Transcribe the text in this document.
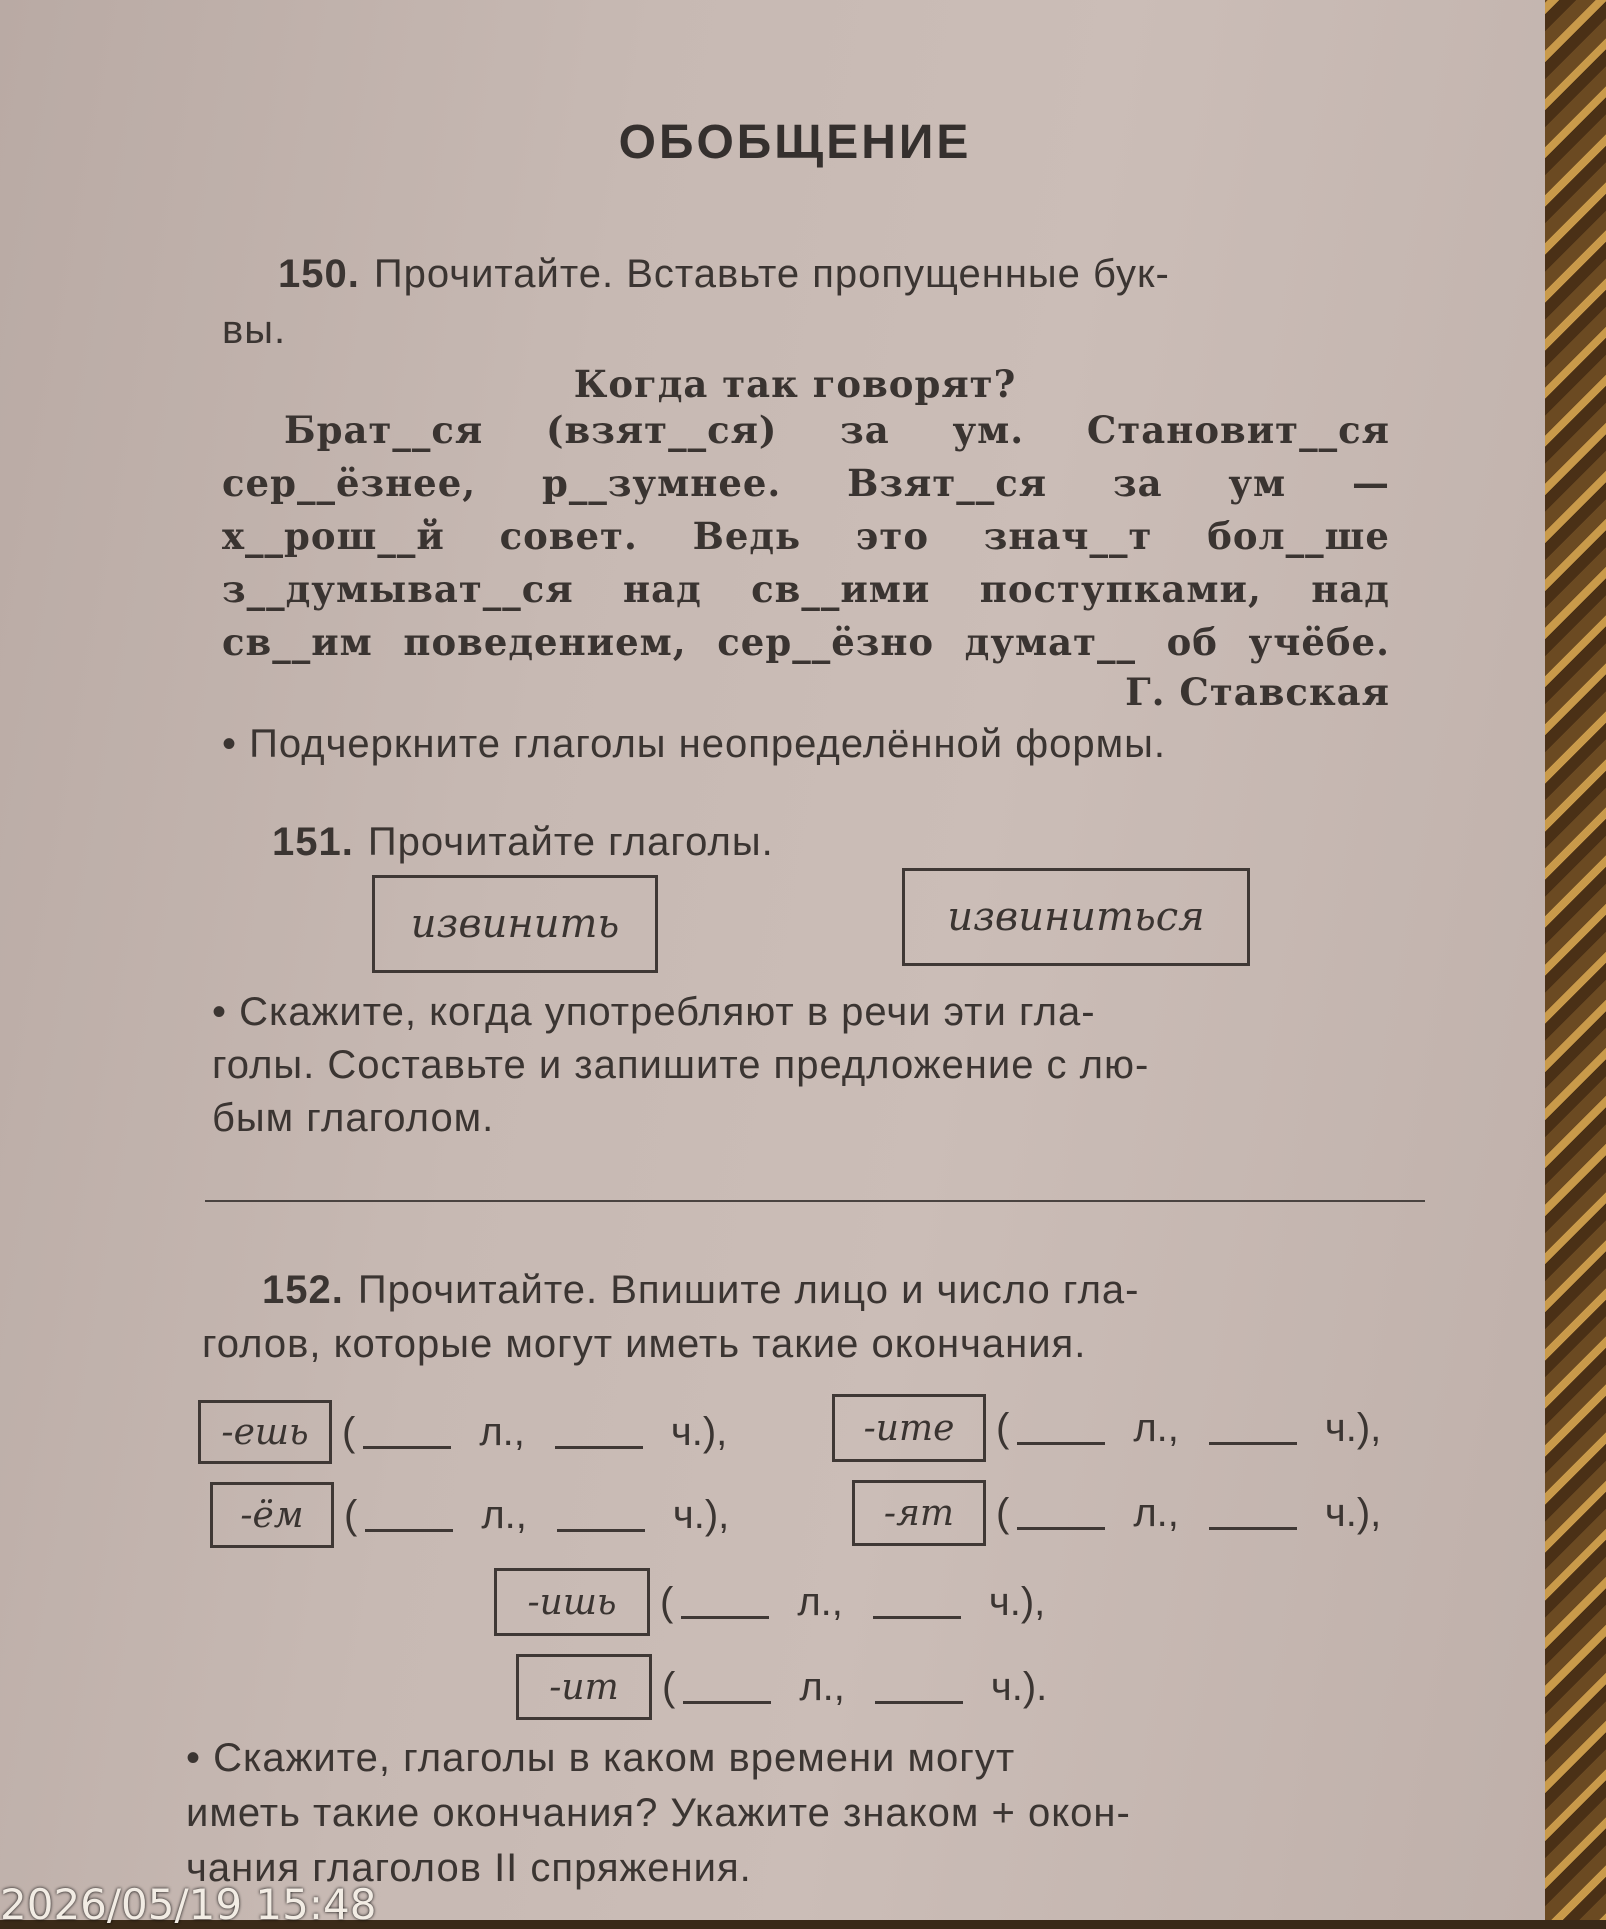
ОБОБЩЕНИЕ
150. Прочитайте. Вставьте пропущенные бук-
вы.
Когда так говорят?
Брат__ся (взят__ся) за ум. Становит__ся
сер__ёзнее, р__зумнее. Взят__ся за ум —
х__рош__й совет. Ведь это знач__т бол__ше
з__думыват__ся над св__ими поступками, над
св__им поведением, сер__ёзно думат__ об учёбе.
Г. Ставская
• Подчеркните глаголы неопределённой формы.
151. Прочитайте глаголы.
извинить	извиниться
• Скажите, когда употребляют в речи эти гла-
голы. Составьте и запишите предложение с лю-
бым глаголом.
152. Прочитайте. Впишите лицо и число гла-
голов, которые могут иметь такие окончания.
-ешь (	л.,	ч.),	-ите	(	л.,	ч.),
-ём	(	л.,	ч.),	-ят	(	л.,	ч.),
-ишь	(	л.,	ч.),
-ит	(	л.,	ч.).
• Скажите, глаголы в каком времени могут
иметь такие окончания? Укажите знаком + окон-
чания глаголов II спряжения.
2026/05/19 15:48
